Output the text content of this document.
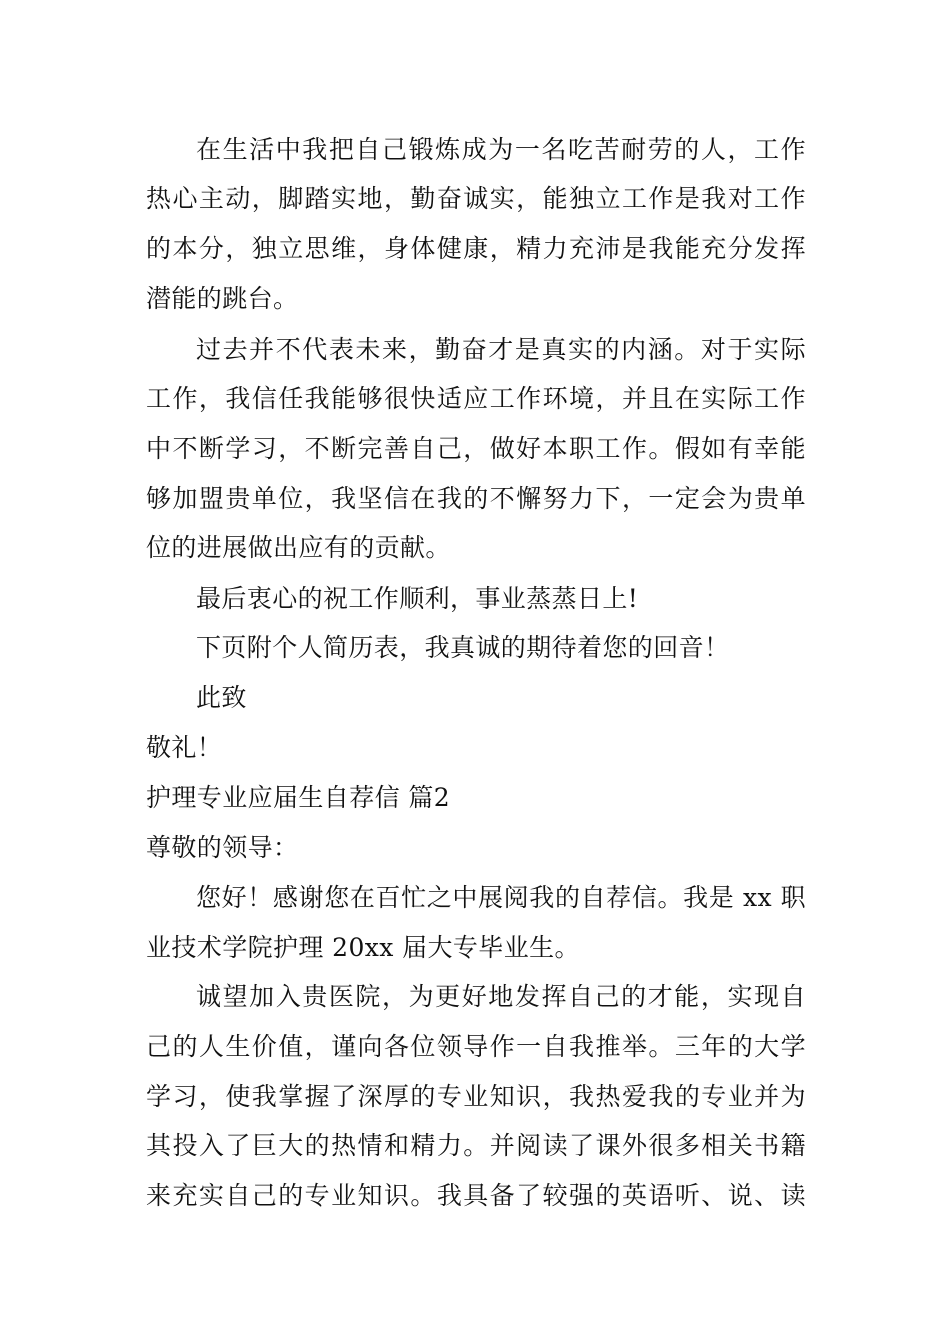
在生活中我把自己锻炼成为一名吃苦耐劳的人，工作
热心主动，脚踏实地，勤奋诚实，能独立工作是我对工作
的本分，独立思维，身体健康，精力充沛是我能充分发挥
潜能的跳台。
过去并不代表未来，勤奋才是真实的内涵。对于实际
工作，我信任我能够很快适应工作环境，并且在实际工作
中不断学习，不断完善自己，做好本职工作。假如有幸能
够加盟贵单位，我坚信在我的不懈努力下，一定会为贵单
位的进展做出应有的贡献。
最后衷心的祝工作顺利，事业蒸蒸日上!
下页附个人简历表，我真诚的期待着您的回音！
此致
敬礼！
护理专业应届生自荐信 篇2
尊敬的领导：
您好！感谢您在百忙之中展阅我的自荐信。我是 xx 职
业技术学院护理 20xx 届大专毕业生。
诚望加入贵医院，为更好地发挥自己的才能，实现自
己的人生价值，谨向各位领导作一自我推举。三年的大学
学习，使我掌握了深厚的专业知识，我热爱我的专业并为
其投入了巨大的热情和精力。并阅读了课外很多相关书籍
来充实自己的专业知识。我具备了较强的英语听、说、读
